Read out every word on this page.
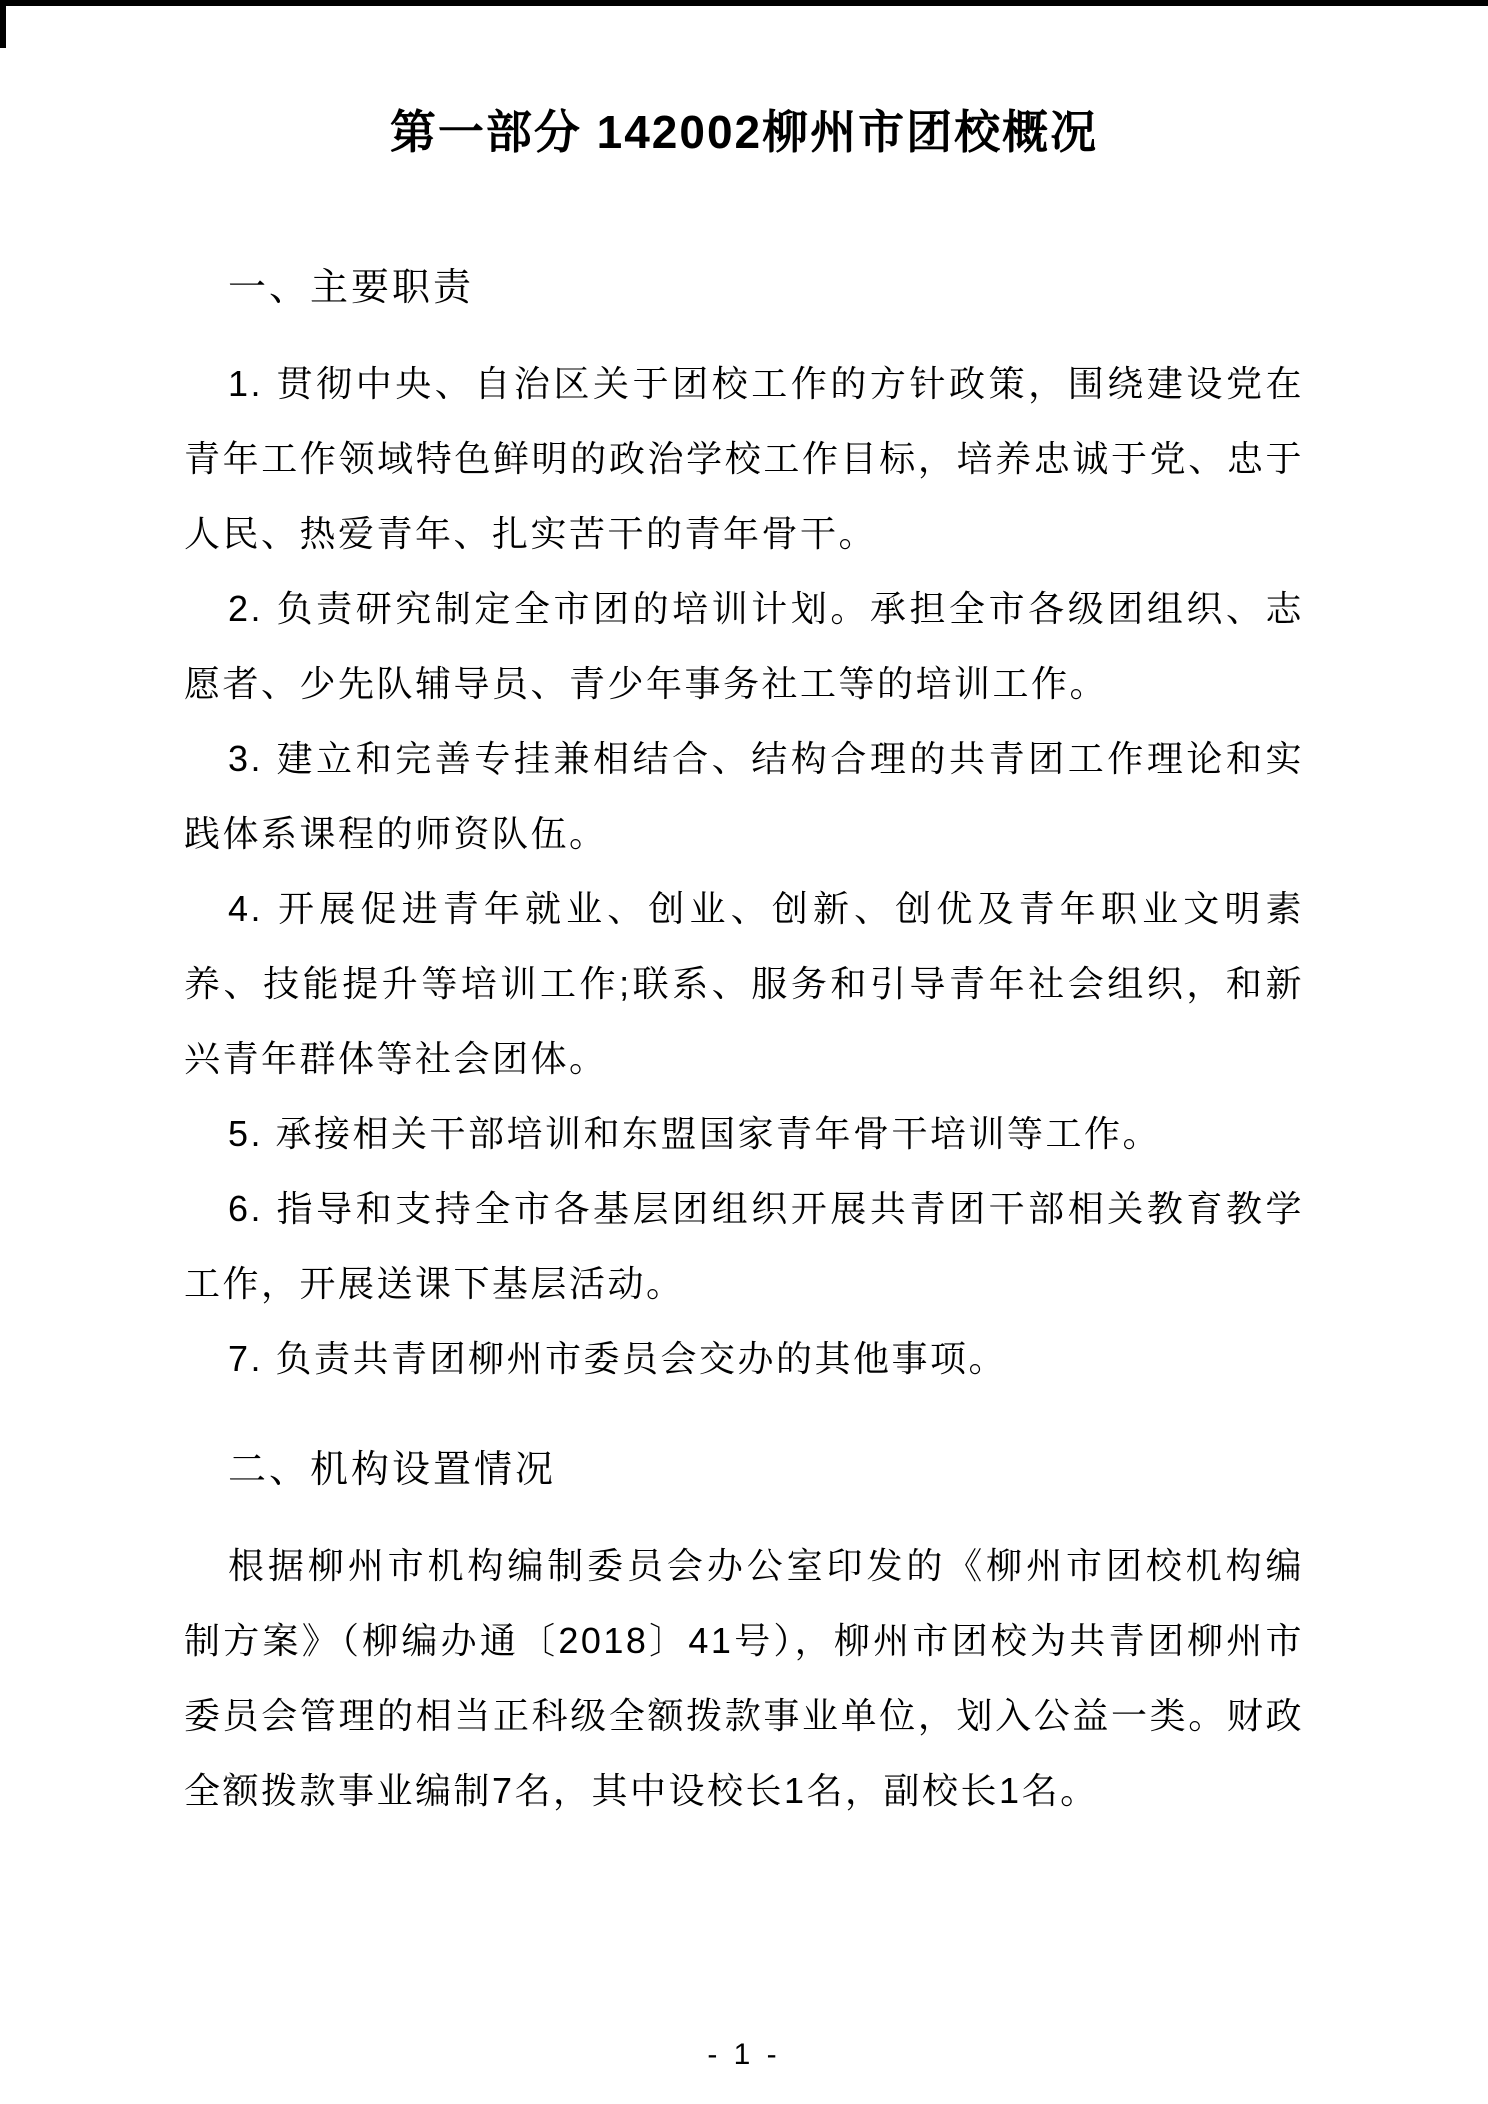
第一部分 142002柳州市团校概况
一、主要职责

1. 贯彻中央、自治区关于团校工作的方针政策，围绕建设党在青年工作领域特色鲜明的政治学校工作目标，培养忠诚于党、忠于人民、热爱青年、扎实苦干的青年骨干。

2. 负责研究制定全市团的培训计划。承担全市各级团组织、志愿者、少先队辅导员、青少年事务社工等的培训工作。

3. 建立和完善专挂兼相结合、结构合理的共青团工作理论和实践体系课程的师资队伍。

4. 开展促进青年就业、创业、创新、创优及青年职业文明素养、技能提升等培训工作;联系、服务和引导青年社会组织，和新兴青年群体等社会团体。

5. 承接相关干部培训和东盟国家青年骨干培训等工作。

6. 指导和支持全市各基层团组织开展共青团干部相关教育教学工作，开展送课下基层活动。

7. 负责共青团柳州市委员会交办的其他事项。

二、机构设置情况

根据柳州市机构编制委员会办公室印发的《柳州市团校机构编制方案》（柳编办通〔2018〕41号），柳州市团校为共青团柳州市委员会管理的相当正科级全额拨款事业单位，划入公益一类。财政全额拨款事业编制7名，其中设校长1名，副校长1名。

- 1 -
